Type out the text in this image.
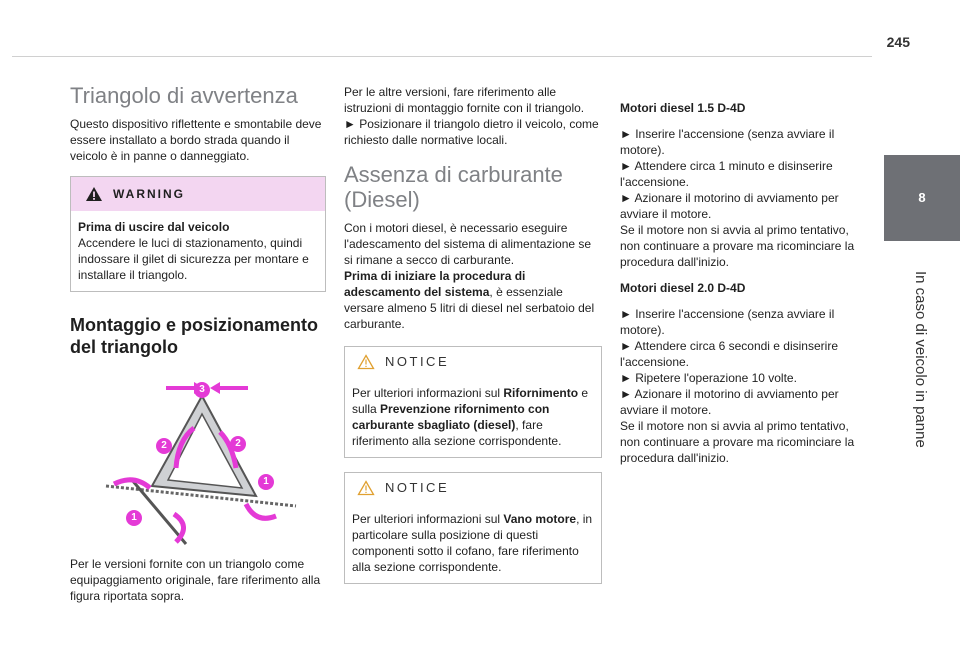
245
8
In caso di veicolo in panne
Triangolo di avvertenza

Questo dispositivo riflettente e smontabile deve essere installato a bordo strada quando il veicolo è in panne o danneggiato.

WARNING

Prima di uscire dal veicolo

Accendere le luci di stazionamento, quindi indossare il gilet di sicurezza per montare e installare il triangolo.

Montaggio e posizionamento del triangolo
3
2	2
1
1

Per le versioni fornite con un triangolo come equipaggiamento originale, fare riferimento alla figura riportata sopra.

Per le altre versioni, fare riferimento alle istruzioni di montaggio fornite con il triangolo.

► Posizionare il triangolo dietro il veicolo, come richiesto dalle normative locali.

Assenza di carburante (Diesel)

Con i motori diesel, è necessario eseguire l'adescamento del sistema di alimentazione se si rimane a secco di carburante.

Prima di iniziare la procedura di adescamento del sistema, è essenziale versare almeno 5 litri di diesel nel serbatoio del carburante.

NOTICE

Per ulteriori informazioni sul Rifornimento e sulla Prevenzione rifornimento con carburante sbagliato (diesel), fare riferimento alla sezione corrispondente.

NOTICE

Per ulteriori informazioni sul Vano motore, in particolare sulla posizione di questi componenti sotto il cofano, fare riferimento alla sezione corrispondente.

Motori diesel 1.5 D-4D

► Inserire l'accensione (senza avviare il motore).

► Attendere circa 1 minuto e disinserire l'accensione.

► Azionare il motorino di avviamento per avviare il motore.

Se il motore non si avvia al primo tentativo, non continuare a provare ma ricominciare la procedura dall'inizio.

Motori diesel 2.0 D-4D

► Inserire l'accensione (senza avviare il motore).

► Attendere circa 6 secondi e disinserire l'accensione.

► Ripetere l'operazione 10 volte.

► Azionare il motorino di avviamento per avviare il motore.

Se il motore non si avvia al primo tentativo, non continuare a provare ma ricominciare la procedura dall'inizio.
